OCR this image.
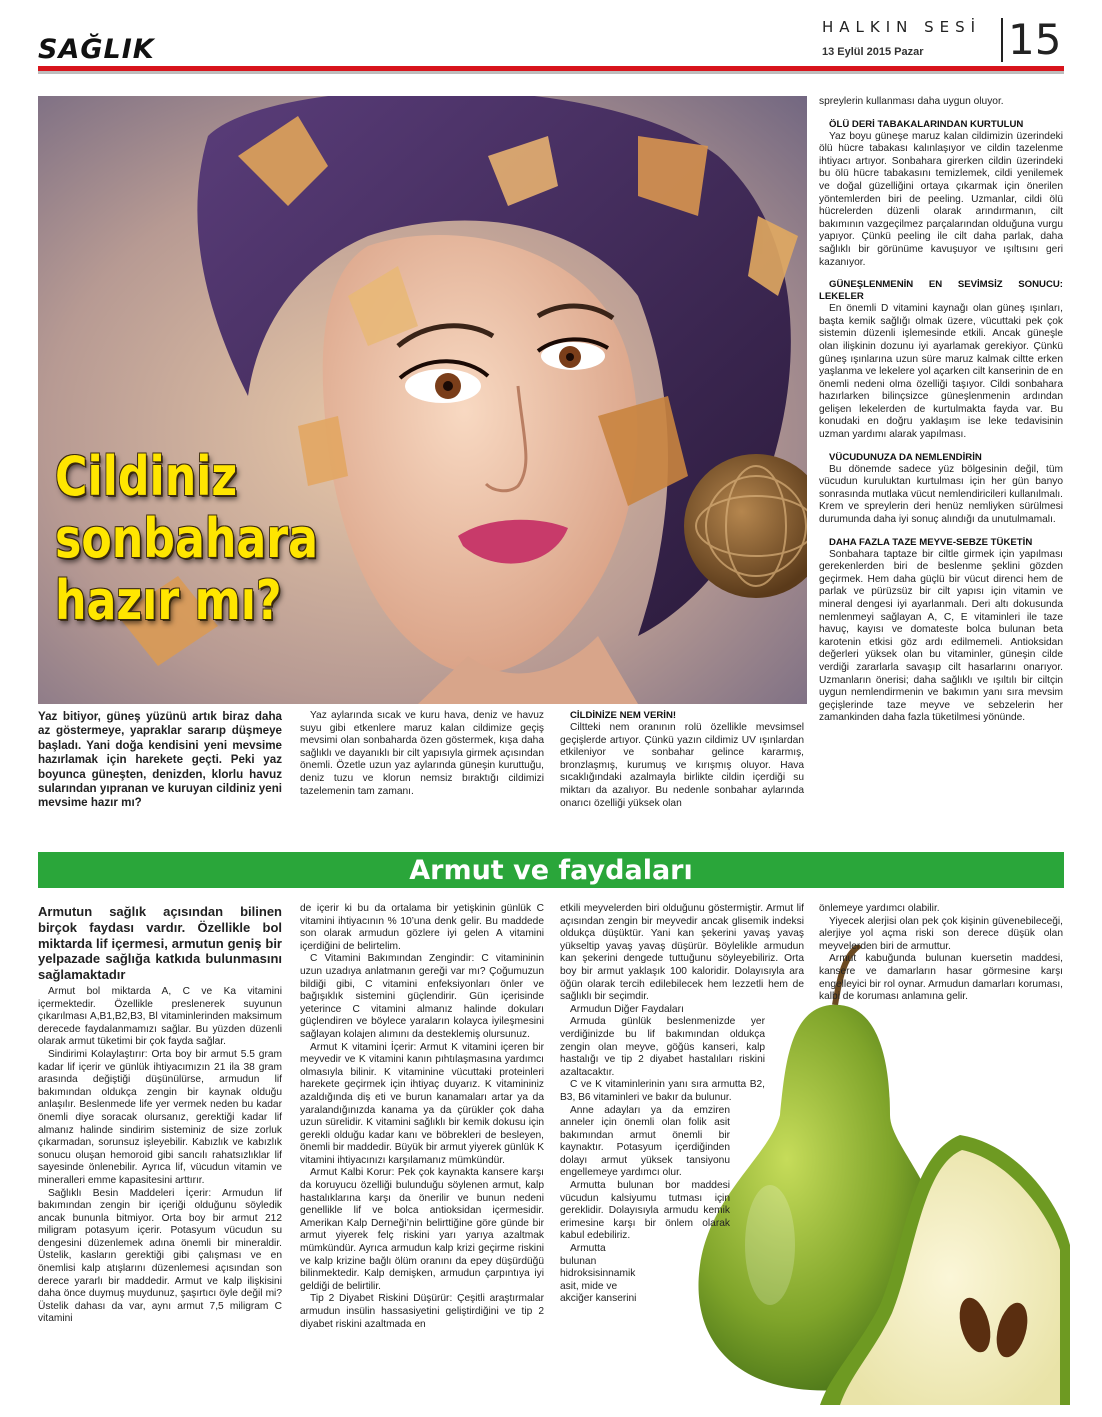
SAĞLIK
HALKIN SESİ
13 Eylül 2015 Pazar 15
Cildiniz
sonbahara
hazır mı?

spreylerin kullanması daha uygun oluyor.

ÖLÜ DERİ TABAKALARINDAN KURTULUN

Yaz boyu güneşe maruz kalan cildimizin üzerindeki ölü hücre tabakası kalınlaşıyor ve cildin tazelenme ihtiyacı artıyor. Sonbahara girerken cildin üzerindeki bu ölü hücre tabakasını temizlemek, cildi yenilemek ve doğal güzelliğini ortaya çıkarmak için önerilen yöntemlerden biri de peeling. Uzmanlar, cildi ölü hücrelerden düzenli olarak arındırmanın, cilt bakımının vazgeçilmez parçalarından olduğuna vurgu yapıyor. Çünkü peeling ile cilt daha parlak, daha sağlıklı bir görünüme kavuşuyor ve ışıltısını geri kazanıyor.

GÜNEŞLENMENİN EN SEVİMSİZ SONUCU: LEKELER

En önemli D vitamini kaynağı olan güneş ışınları, başta kemik sağlığı olmak üzere, vücuttaki pek çok sistemin düzenli işlemesinde etkili. Ancak güneşle olan ilişkinin dozunu iyi ayarlamak gerekiyor. Çünkü güneş ışınlarına uzun süre maruz kalmak ciltte erken yaşlanma ve lekelere yol açarken cilt kanserinin de en önemli nedeni olma özelliği taşıyor. Cildi sonbahara hazırlarken bilinçsizce güneşlenmenin ardından gelişen lekelerden de kurtulmakta fayda var. Bu konudaki en doğru yaklaşım ise leke tedavisinin uzman yardımı alarak yapılması.

VÜCUDUNUZA DA NEMLENDİRİN

Bu dönemde sadece yüz bölgesinin değil, tüm vücudun kuruluktan kurtulması için her gün banyo sonrasında mutlaka vücut nemlendiricileri kullanılmalı. Krem ve spreylerin deri henüz nemliyken sürülmesi durumunda daha iyi sonuç alındığı da unutulmamalı.

DAHA FAZLA TAZE MEYVE-SEBZE TÜKETİN

Sonbahara taptaze bir ciltle girmek için yapılması gerekenlerden biri de beslenme şeklini gözden geçirmek. Hem daha güçlü bir vücut direnci hem de parlak ve pürüzsüz bir cilt yapısı için vitamin ve mineral dengesi iyi ayarlanmalı. Deri altı dokusunda nemlenmeyi sağlayan A, C, E vitaminleri ile taze havuç, kayısı ve domateste bolca bulunan beta karotenin etkisi göz ardı edilmemeli. Antioksidan değerleri yüksek olan bu vitaminler, güneşin cilde verdiği zararlarla savaşıp cilt hasarlarını onarıyor. Uzmanların önerisi; daha sağlıklı ve ışıltılı bir ciltçin uygun nemlendirmenin ve bakımın yanı sıra mevsim geçişlerinde taze meyve ve sebzelerin her zamankinden daha fazla tüketilmesi yönünde.

Yaz bitiyor, güneş yüzünü artık biraz daha az göstermeye, yapraklar sararıp düşmeye başladı. Yani doğa kendisini yeni mevsime hazırlamak için harekete geçti. Peki yaz boyunca güneşten, denizden, klorlu havuz sularından yıpranan ve kuruyan cildiniz yeni mevsime hazır mı?

Yaz aylarında sıcak ve kuru hava, deniz ve havuz suyu gibi etkenlere maruz kalan cildimize geçiş mevsimi olan sonbaharda özen göstermek, kışa daha sağlıklı ve dayanıklı bir cilt yapısıyla girmek açısından önemli. Özetle uzun yaz aylarında güneşin kuruttuğu, deniz tuzu ve klorun nemsiz bıraktığı cildimizi tazelemenin tam zamanı.

CİLDİNİZE NEM VERİN!

Ciltteki nem oranının rolü özellikle mevsimsel geçişlerde artıyor. Çünkü yazın cildimiz UV ışınlardan etkileniyor ve sonbahar gelince kararmış, bronzlaşmış, kurumuş ve kırışmış oluyor. Hava sıcaklığındaki azalmayla birlikte cildin içerdiği su miktarı da azalıyor. Bu nedenle sonbahar aylarında onarıcı özelliği yüksek olan

Armut ve faydaları
Armutun sağlık açısından bilinen birçok faydası vardır. Özellikle bol miktarda lif içermesi, armutun geniş bir yelpazade sağlığa katkıda bulunmasını sağlamaktadır

Armut bol miktarda A, C ve Ka vitamini içermektedir. Özellikle preslenerek suyunun çıkarılması A,B1,B2,B3, Bl vitaminlerinden maksimum derecede faydalanmamızı sağlar. Bu yüzden düzenli olarak armut tüketimi bir çok fayda sağlar.

Sindirimi Kolaylaştırır: Orta boy bir armut 5.5 gram kadar lif içerir ve günlük ihtiyacımızın 21 ila 38 gram arasında değiştiği düşünülürse, armudun lif bakımından oldukça zengin bir kaynak olduğu anlaşılır. Beslenmede life yer vermek neden bu kadar önemli diye soracak olursanız, gerektiği kadar lif almanız halinde sindirim sisteminiz de size zorluk çıkarmadan, sorunsuz işleyebilir. Kabızlık ve kabızlık sonucu oluşan hemoroid gibi sancılı rahatsızlıklar lif sayesinde önlenebilir. Ayrıca lif, vücudun vitamin ve mineralleri emme kapasitesini arttırır.

Sağlıklı Besin Maddeleri İçerir: Armudun lif bakımından zengin bir içeriği olduğunu söyledik ancak bununla bitmiyor. Orta boy bir armut 212 miligram potasyum içerir. Potasyum vücudun su dengesini düzenlemek adına önemli bir mineraldir. Üstelik, kasların gerektiği gibi çalışması ve en önemlisi kalp atışlarını düzenlemesi açısından son derece yararlı bir maddedir. Armut ve kalp ilişkisini daha önce duymuş muydunuz, şaşırtıcı öyle değil mi? Üstelik dahası da var, aynı armut 7,5 miligram C vitamini

de içerir ki bu da ortalama bir yetişkinin günlük C vitamini ihtiyacının % 10’una denk gelir. Bu maddede son olarak armudun gözlere iyi gelen A vitamini içerdiğini de belirtelim.

C Vitamini Bakımından Zengindir: C vitamininin uzun uzadıya anlatmanın gereği var mı? Çoğumuzun bildiği gibi, C vitamini enfeksiyonları önler ve bağışıklık sistemini güçlendirir. Gün içerisinde yeterince C vitamini almanız halinde dokuları güçlendiren ve böylece yaraların kolayca iyileşmesini sağlayan kolajen alımını da desteklemiş olursunuz.

Armut K vitamini İçerir: Armut K vitamini içeren bir meyvedir ve K vitamini kanın pıhtılaşmasına yardımcı olmasıyla bilinir. K vitaminine vücuttaki proteinleri harekete geçirmek için ihtiyaç duyarız. K vitamininiz azaldığında diş eti ve burun kanamaları artar ya da yaralandığınızda kanama ya da çürükler çok daha uzun sürelidir. K vitamini sağlıklı bir kemik dokusu için gerekli olduğu kadar kanı ve böbrekleri de besleyen, önemli bir maddedir. Büyük bir armut yiyerek günlük K vitamini ihtiyacınızı karşılamanız mümkündür.

Armut Kalbi Korur: Pek çok kaynakta kansere karşı da koruyucu özelliği bulunduğu söylenen armut, kalp hastalıklarına karşı da önerilir ve bunun nedeni genellikle lif ve bolca antioksidan içermesidir. Amerikan Kalp Derneği’nin belirttiğine göre günde bir armut yiyerek felç riskini yarı yarıya azaltmak mümkündür. Ayrıca armudun kalp krizi geçirme riskini ve kalp krizine bağlı ölüm oranını da epey düşürdüğü bilinmektedir. Kalp demişken, armudun çarpıntıya iyi geldiği de belirtilir.

Tip 2 Diyabet Riskini Düşürür: Çeşitli araştırmalar armudun insülin hassasiyetini geliştirdiğini ve tip 2 diyabet riskini azaltmada en

etkili meyvelerden biri olduğunu göstermiştir. Armut lif açısından zengin bir meyvedir ancak glisemik indeksi oldukça düşüktür. Yani kan şekerini yavaş yavaş yükseltip yavaş yavaş düşürür. Böylelikle armudun kan şekerini dengede tuttuğunu söyleyebiliriz. Orta boy bir armut yaklaşık 100 kaloridir. Dolayısıyla ara öğün olarak tercih edilebilecek hem lezzetli hem de sağlıklı bir seçimdir.

Armudun Diğer Faydaları

Armuda günlük beslenmenizde yer verdiğinizde bu lif bakımından oldukça zengin olan meyve, göğüs kanseri, kalp hastalığı ve tip 2 diyabet hastalıları riskini azaltacaktır.

C ve K vitaminlerinin yanı sıra armutta B2, B3, B6 vitaminleri ve bakır da bulunur.

Anne adayları ya da emziren anneler için önemli olan folik asit bakımından armut önemli bir kaynaktır. Potasyum içerdiğinden dolayı armut yüksek tansiyonu engellemeye yardımcı olur.

Armutta bulunan bor maddesi vücudun kalsiyumu tutması için gereklidir. Dolayısıyla armudu kemik erimesine karşı bir önlem olarak kabul edebiliriz.

Armutta bulunan hidroksisinnamik asit, mide ve akciğer kanserini

önlemeye yardımcı olabilir.

Yiyecek alerjisi olan pek çok kişinin güvenebileceği, alerjiye yol açma riski son derece düşük olan meyvelerden biri de armuttur.

Armut kabuğunda bulunan kuersetin maddesi, kansere ve damarların hasar görmesine karşı engelleyici bir rol oynar. Armudun damarları koruması, kalbi de koruması anlamına gelir.
